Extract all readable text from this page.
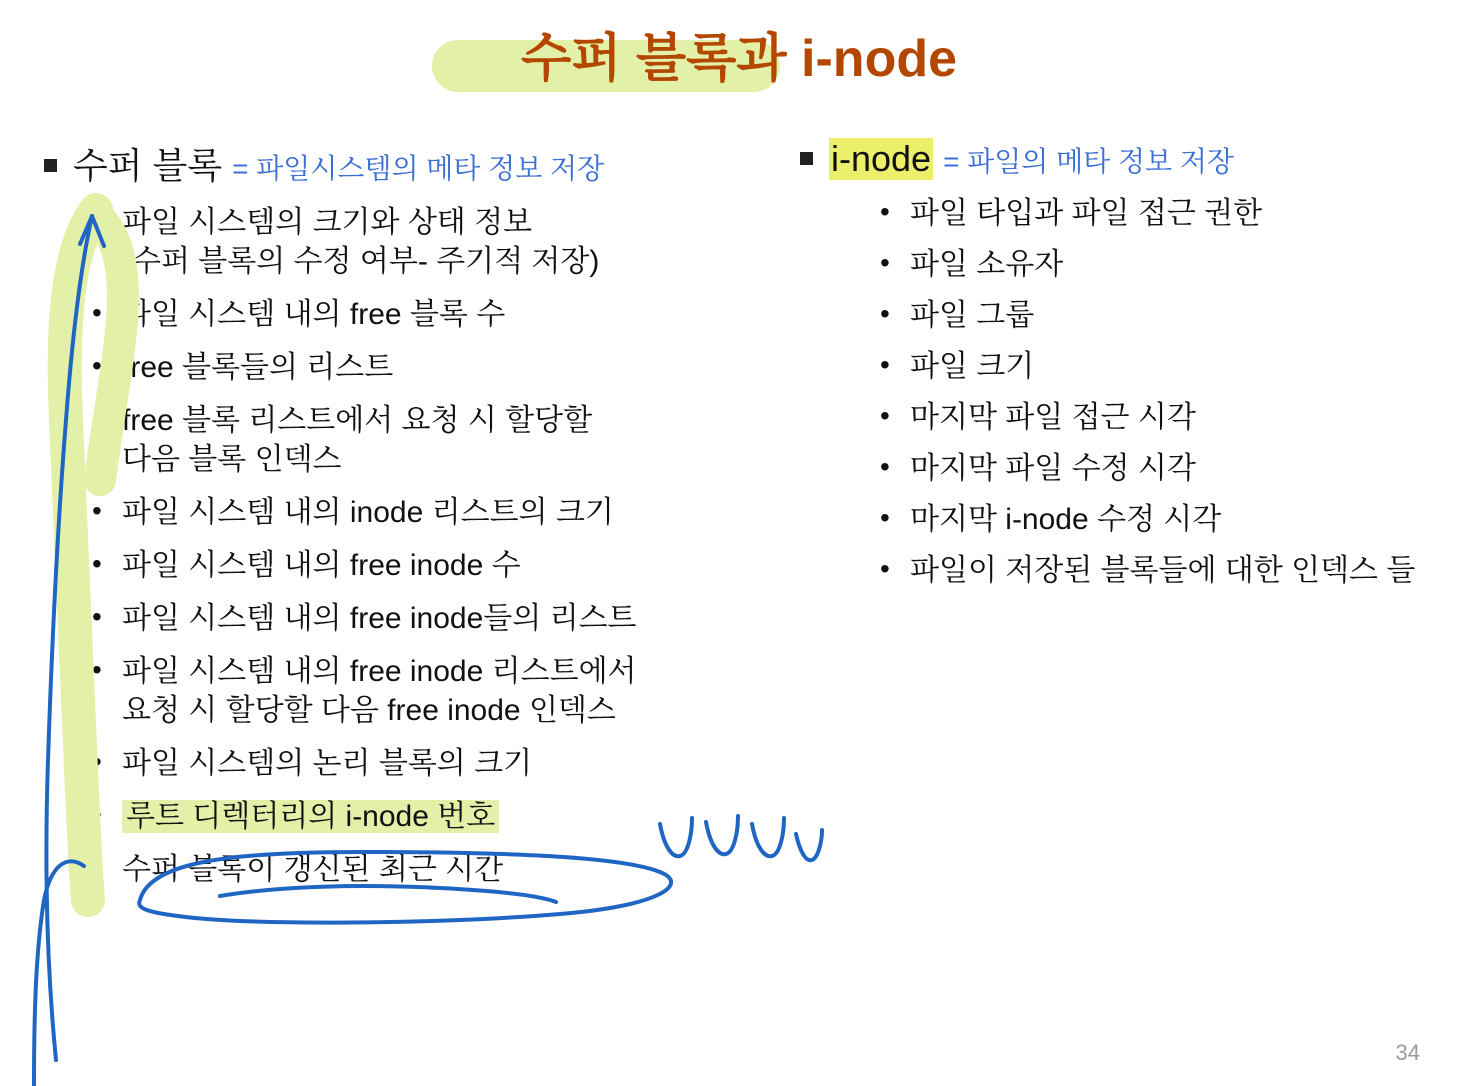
수퍼 블록과 i-node
수퍼 블록 = 파일시스템의 메타 정보 저장
• 파일 시스템의 크기와 상태 정보
(수퍼 블록의 수정 여부- 주기적 저장)
• 파일 시스템 내의 free 블록 수
• free 블록들의 리스트
• free 블록 리스트에서 요청 시 할당할
다음 블록 인덱스
• 파일 시스템 내의 inode 리스트의 크기
• 파일 시스템 내의 free inode 수
• 파일 시스템 내의 free inode들의 리스트
• 파일 시스템 내의 free inode 리스트에서
요청 시 할당할 다음 free inode 인덱스
• 파일 시스템의 논리 블록의 크기
• 루트 디렉터리의 i-node 번호
• 수퍼 블록이 갱신된 최근 시간
i-node = 파일의 메타 정보 저장
• 파일 타입과 파일 접근 권한
• 파일 소유자
• 파일 그룹
• 파일 크기
• 마지막 파일 접근 시각
• 마지막 파일 수정 시각
• 마지막 i-node 수정 시각
• 파일이 저장된 블록들에 대한 인덱스 들
34
